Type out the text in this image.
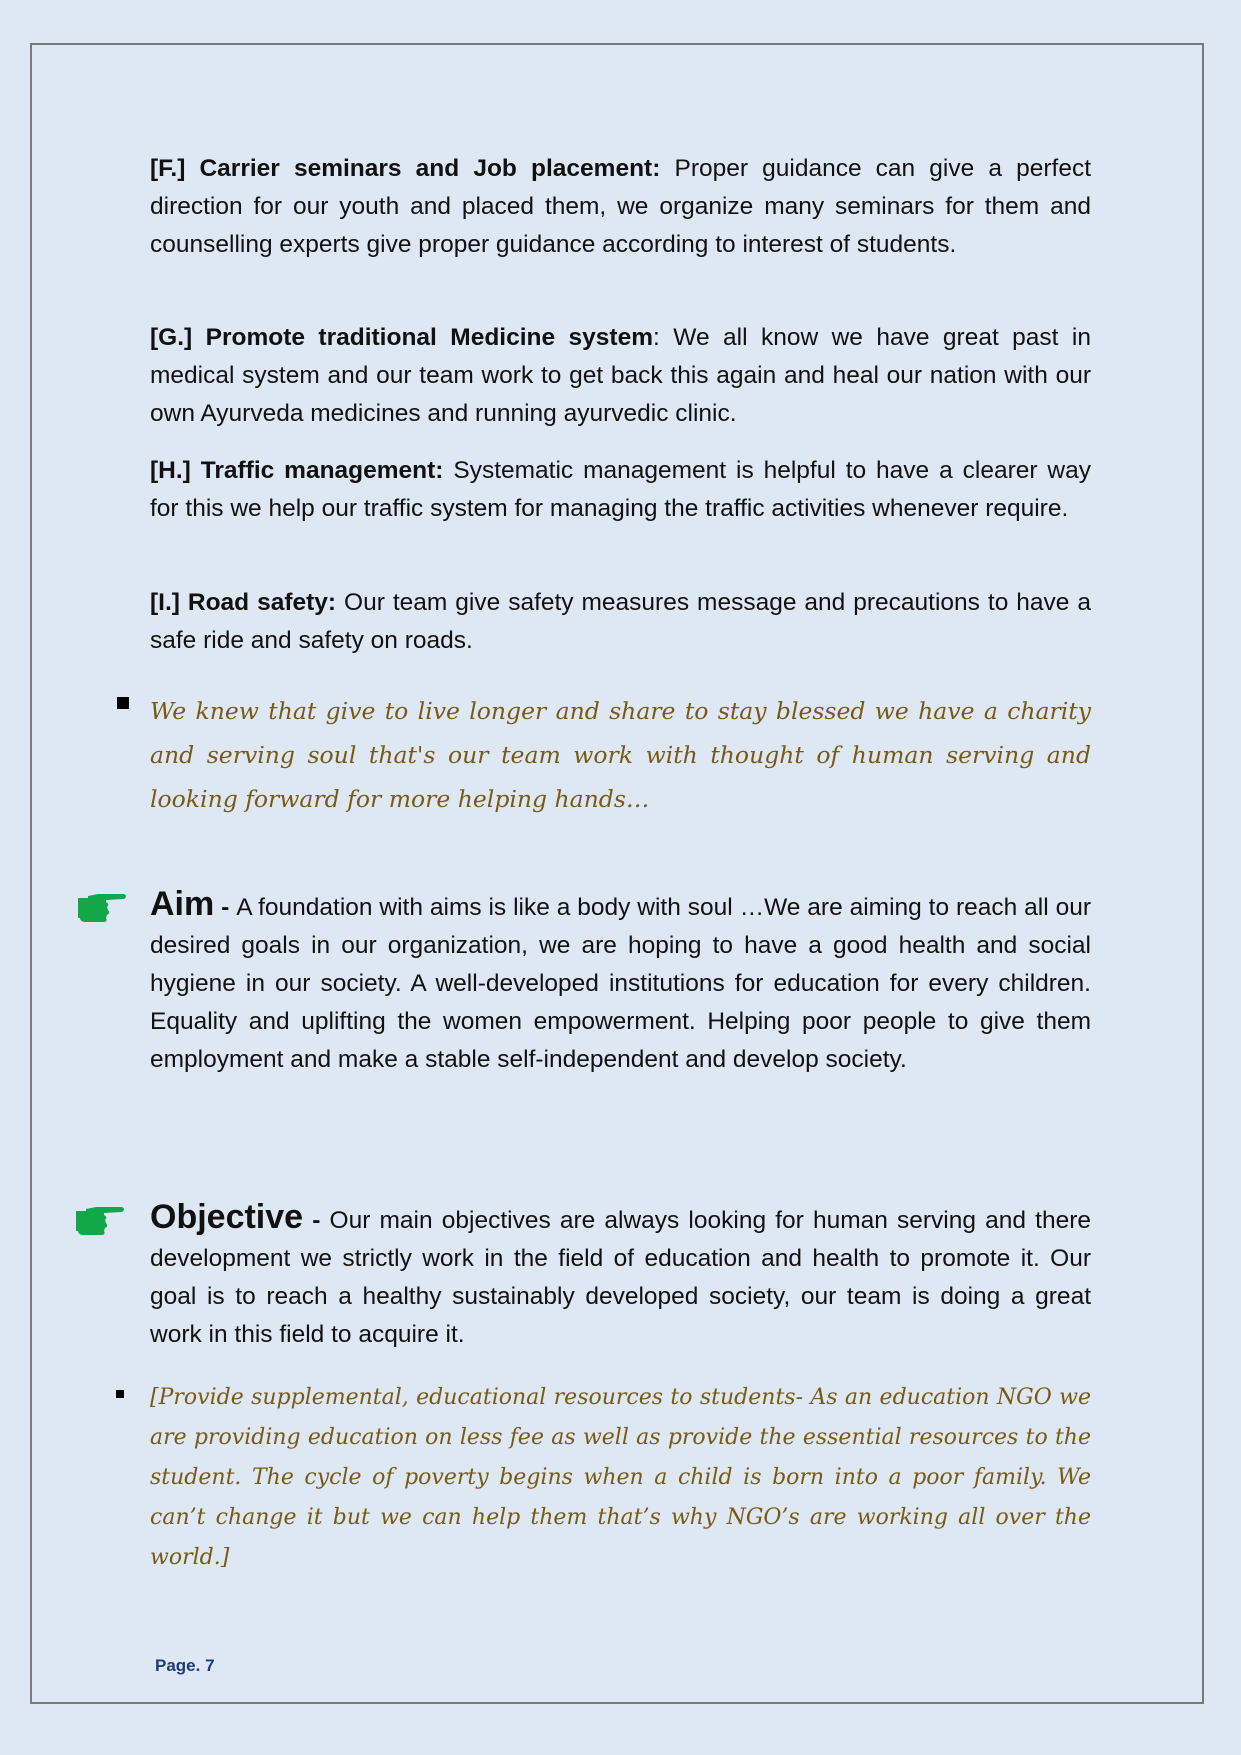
[F.] Carrier seminars and Job placement: Proper guidance can give a perfect direction for our youth and placed them, we organize many seminars for them and counselling experts give proper guidance according to interest of students.

[G.] Promote traditional Medicine system: We all know we have great past in medical system and our team work to get back this again and heal our nation with our own Ayurveda medicines and running ayurvedic clinic.

[H.] Traffic management: Systematic management is helpful to have a clearer way for this we help our traffic system for managing the traffic activities whenever require.

[I.] Road safety: Our team give safety measures message and precautions to have a safe ride and safety on roads.

We knew that give to live longer and share to stay blessed we have a charity and serving soul that's our team work with thought of human serving and looking forward for more helping hands…

Aim - A foundation with aims is like a body with soul …We are aiming to reach all our desired goals in our organization, we are hoping to have a good health and social hygiene in our society. A well-developed institutions for education for every children. Equality and uplifting the women empowerment. Helping poor people to give them employment and make a stable self-independent and develop society.

Objective - Our main objectives are always looking for human serving and there development we strictly work in the field of education and health to promote it. Our goal is to reach a healthy sustainably developed society, our team is doing a great work in this field to acquire it.

[Provide supplemental, educational resources to students- As an education NGO we are providing education on less fee as well as provide the essential resources to the student. The cycle of poverty begins when a child is born into a poor family. We can’t change it but we can help them that’s why NGO’s are working all over the world.]

Page. 7
